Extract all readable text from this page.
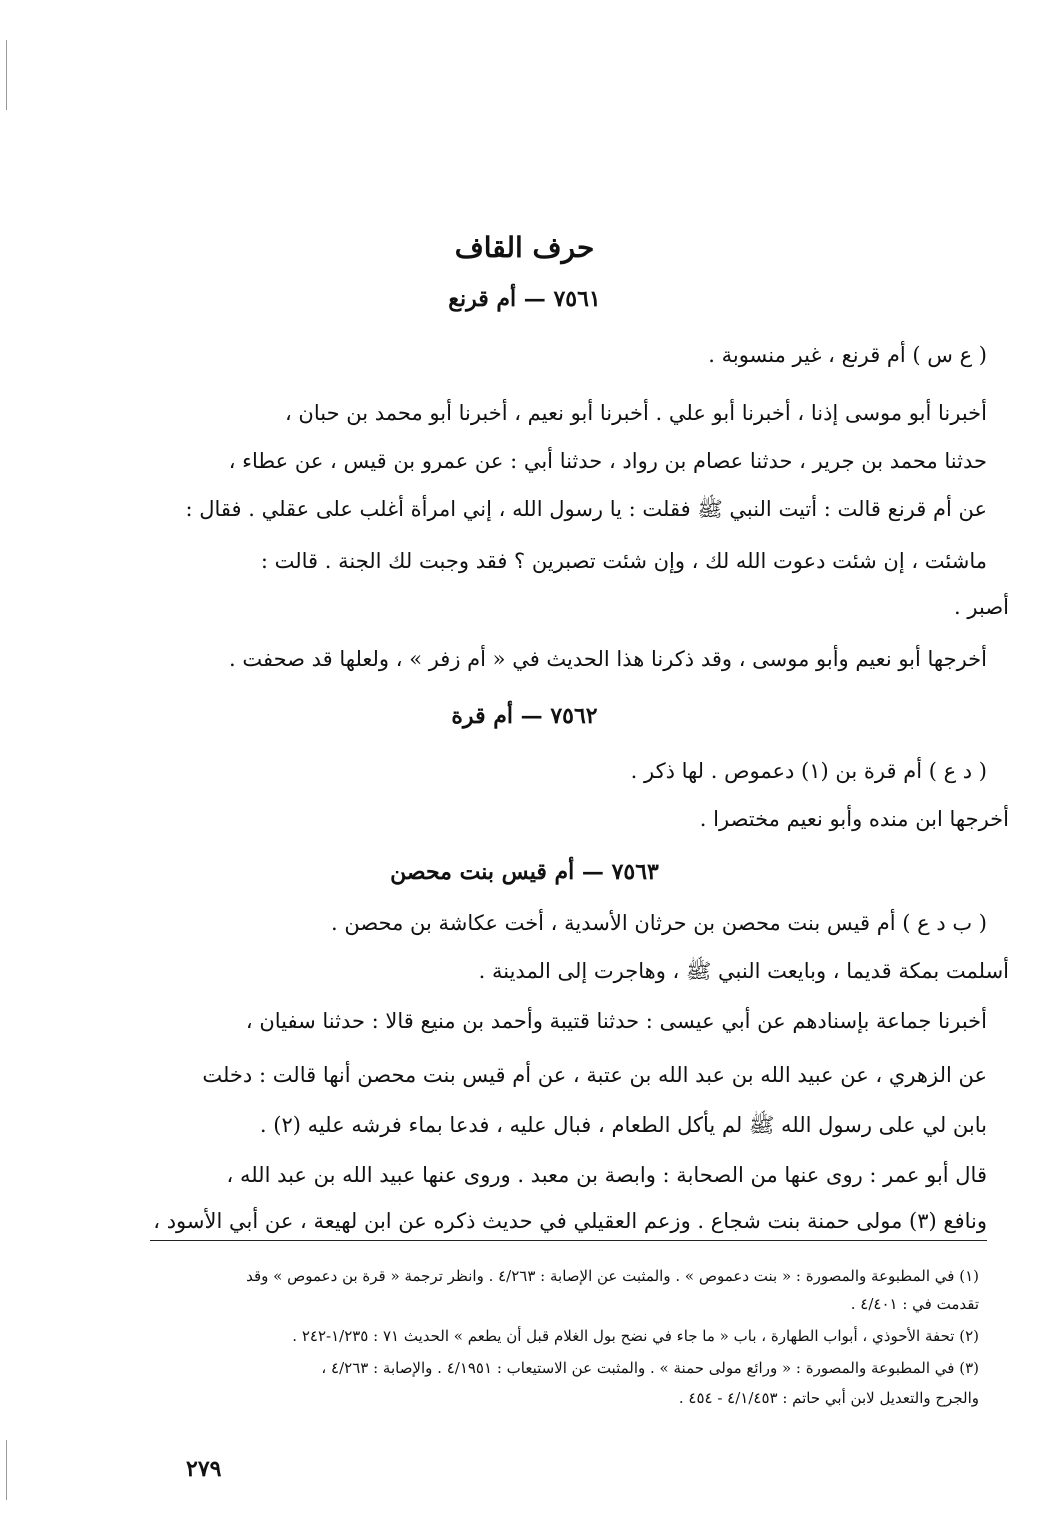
حرف القاف
٧٥٦١ — أم قرنع
( ع س ) أم قرنع ، غير منسوبة .
أخبرنا أبو موسى إذنا ، أخبرنا أبو علي . أخبرنا أبو نعيم ، أخبرنا أبو محمد بن حبان ،
حدثنا محمد بن جرير ، حدثنا عصام بن رواد ، حدثنا أبي : عن عمرو بن قيس ، عن عطاء ،
عن أم قرنع قالت : أتيت النبي ﷺ فقلت : يا رسول الله ، إني امرأة أغلب على عقلي . فقال :
ماشئت ، إن شئت دعوت الله لك ، وإن شئت تصبرين ؟ فقد وجبت لك الجنة . قالت :
أصبر .
أخرجها أبو نعيم وأبو موسى ، وقد ذكرنا هذا الحديث في « أم زفر » ، ولعلها قد صحفت .
٧٥٦٢ — أم قرة
( د ع ) أم قرة بن (١) دعموص . لها ذكر .
أخرجها ابن منده وأبو نعيم مختصرا .
٧٥٦٣ — أم قيس بنت محصن
( ب د ع ) أم قيس بنت محصن بن حرثان الأسدية ، أخت عكاشة بن محصن .
أسلمت بمكة قديما ، وبايعت النبي ﷺ ، وهاجرت إلى المدينة .
أخبرنا جماعة بإسنادهم عن أبي عيسى : حدثنا قتيبة وأحمد بن منيع قالا : حدثنا سفيان ،
عن الزهري ، عن عبيد الله بن عبد الله بن عتبة ، عن أم قيس بنت محصن أنها قالت : دخلت
بابن لي على رسول الله ﷺ لم يأكل الطعام ، فبال عليه ، فدعا بماء فرشه عليه (٢) .
قال أبو عمر : روى عنها من الصحابة : وابصة بن معبد . وروى عنها عبيد الله بن عبد الله ،
ونافع (٣) مولى حمنة بنت شجاع . وزعم العقيلي في حديث ذكره عن ابن لهيعة ، عن أبي الأسود ،
(١) في المطبوعة والمصورة : « بنت دعموص » . والمثبت عن الإصابة : ٤/٢٦٣ . وانظر ترجمة « قرة بن دعموص » وقد
تقدمت في : ٤/٤٠١ .
(٢) تحفة الأحوذي ، أبواب الطهارة ، باب « ما جاء في نضح بول الغلام قبل أن يطعم » الحديث ٧١ : ١/٢٣٥-٢٤٢ .
(٣) في المطبوعة والمصورة : « ورائع مولى حمنة » . والمثبت عن الاستيعاب : ٤/١٩٥١ . والإصابة : ٤/٢٦٣ ،
والجرح والتعديل لابن أبي حاتم : ٤/١/٤٥٣ - ٤٥٤ .
٢٧٩
